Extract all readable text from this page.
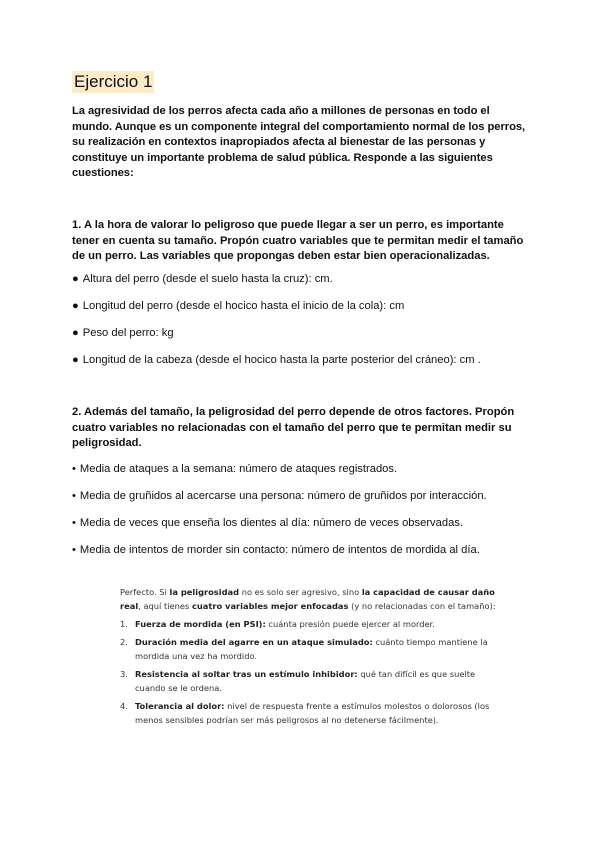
Ejercicio 1
La agresividad de los perros afecta cada año a millones de personas en todo el mundo. Aunque es un componente integral del comportamiento normal de los perros, su realización en contextos inapropiados afecta al bienestar de las personas y constituye un importante problema de salud pública. Responde a las siguientes cuestiones:
1. A la hora de valorar lo peligroso que puede llegar a ser un perro, es importante tener en cuenta su tamaño. Propón cuatro variables que te permitan medir el tamaño de un perro. Las variables que propongas deben estar bien operacionalizadas.
● Altura del perro (desde el suelo hasta la cruz): cm.
● Longitud del perro (desde el hocico hasta el inicio de la cola): cm
● Peso del perro: kg
● Longitud de la cabeza (desde el hocico hasta la parte posterior del cráneo): cm .
2. Además del tamaño, la peligrosidad del perro depende de otros factores. Propón cuatro variables no relacionadas con el tamaño del perro que te permitan medir su peligrosidad.
• Media de ataques a la semana: número de ataques registrados.
• Media de gruñidos al acercarse una persona: número de gruñidos por interacción.
• Media de veces que enseña los dientes al día: número de veces observadas.
• Media de intentos de morder sin contacto: número de intentos de mordida al día.

Perfecto. Si la peligrosidad no es solo ser agresivo, sino la capacidad de causar daño real, aquí tienes cuatro variables mejor enfocadas (y no relacionadas con el tamaño):

1. Fuerza de mordida (en PSI): cuánta presión puede ejercer al morder.
2. Duración media del agarre en un ataque simulado: cuánto tiempo mantiene la mordida una vez ha mordido.
3. Resistencia al soltar tras un estímulo inhibidor: qué tan difícil es que suelte cuando se le ordena.
4. Tolerancia al dolor: nivel de respuesta frente a estímulos molestos o dolorosos (los menos sensibles podrían ser más peligrosos al no detenerse fácilmente).
